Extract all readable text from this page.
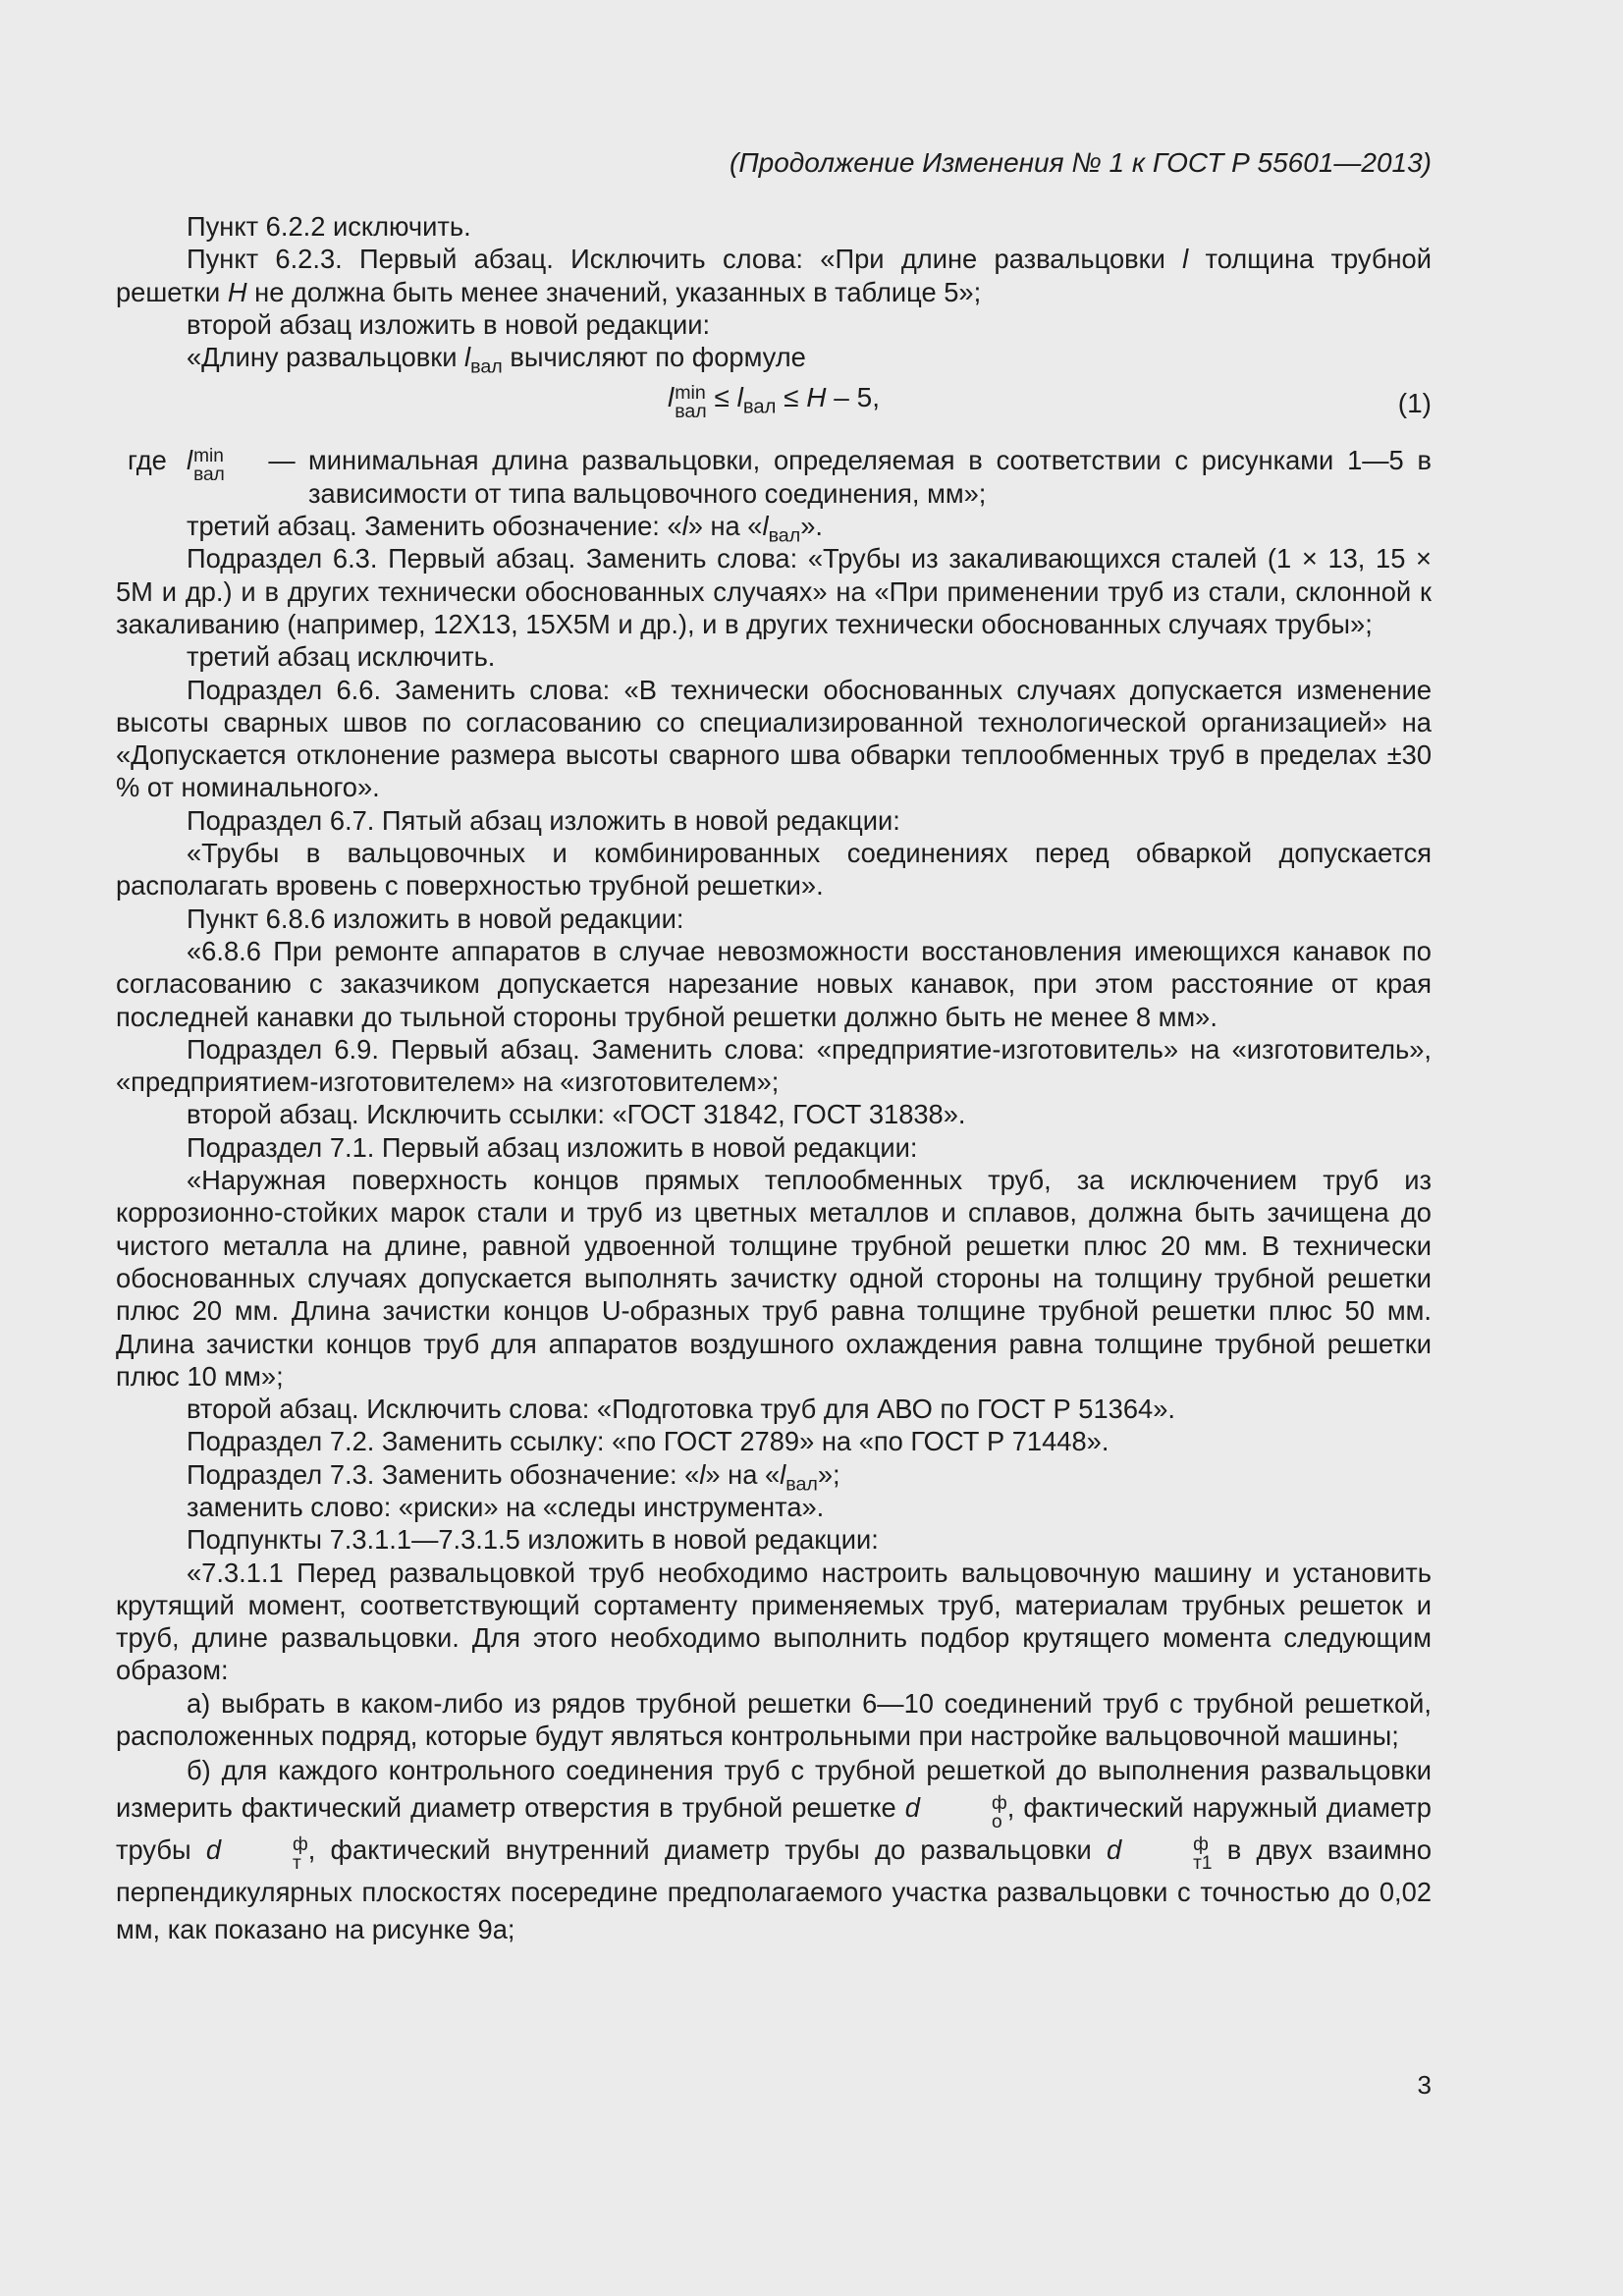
(Продолжение Изменения № 1 к ГОСТ Р 55601—2013)

Пункт 6.2.2 исключить.

Пункт 6.2.3. Первый абзац. Исключить слова: «При длине развальцовки l толщина трубной решетки H не должна быть менее значений, указанных в таблице 5»;

второй абзац изложить в новой редакции:

«Длину развальцовки $l_{вал}$ вычисляют по формуле

l min
вал ≤ $l_{вал} \le H - 5$,	(1)
где l min
вал	— минимальная длина развальцовки, определяемая в соответствии с рисунками 1—5 в зависимости от типа вальцовочного соединения, мм»;

третий абзац. Заменить обозначение: «l» на «$l_{вал}$».

Подраздел 6.3. Первый абзац. Заменить слова: «Трубы из закаливающихся сталей (1 × 13, 15 × 5М и др.) и в других технически обоснованных случаях» на «При применении труб из стали, склонной к закаливанию (например, 12Х13, 15Х5М и др.), и в других технически обоснованных случаях трубы»;

третий абзац исключить.

Подраздел 6.6. Заменить слова: «В технически обоснованных случаях допускается изменение высоты сварных швов по согласованию со специализированной технологической организацией» на «Допускается отклонение размера высоты сварного шва обварки теплообменных труб в пределах ±30 % от номинального».

Подраздел 6.7. Пятый абзац изложить в новой редакции:

«Трубы в вальцовочных и комбинированных соединениях перед обваркой допускается располагать вровень с поверхностью трубной решетки».

Пункт 6.8.6 изложить в новой редакции:

«6.8.6 При ремонте аппаратов в случае невозможности восстановления имеющихся канавок по согласованию с заказчиком допускается нарезание новых канавок, при этом расстояние от края последней канавки до тыльной стороны трубной решетки должно быть не менее 8 мм».

Подраздел 6.9. Первый абзац. Заменить слова: «предприятие-изготовитель» на «изготовитель», «предприятием-изготовителем» на «изготовителем»;

второй абзац. Исключить ссылки: «ГОСТ 31842, ГОСТ 31838».

Подраздел 7.1. Первый абзац изложить в новой редакции:

«Наружная поверхность концов прямых теплообменных труб, за исключением труб из коррозионно-стойких марок стали и труб из цветных металлов и сплавов, должна быть зачищена до чистого металла на длине, равной удвоенной толщине трубной решетки плюс 20 мм. В технически обоснованных случаях допускается выполнять зачистку одной стороны на толщину трубной решетки плюс 20 мм. Длина зачистки концов U-образных труб равна толщине трубной решетки плюс 50 мм. Длина зачистки концов труб для аппаратов воздушного охлаждения равна толщине трубной решетки плюс 10 мм»;

второй абзац. Исключить слова: «Подготовка труб для АВО по ГОСТ Р 51364».

Подраздел 7.2. Заменить ссылку: «по ГОСТ 2789» на «по ГОСТ Р 71448».

Подраздел 7.3. Заменить обозначение: «l» на «$l_{вал}$»;

заменить слово: «риски» на «следы инструмента».

Подпункты 7.3.1.1—7.3.1.5 изложить в новой редакции:

«7.3.1.1 Перед развальцовкой труб необходимо настроить вальцовочную машину и установить крутящий момент, соответствующий сортаменту применяемых труб, материалам трубных решеток и труб, длине развальцовки. Для этого необходимо выполнить подбор крутящего момента следующим образом:

а) выбрать в каком-либо из рядов трубной решетки 6—10 соединений труб с трубной решеткой, расположенных подряд, которые будут являться контрольными при настройке вальцовочной машины;

б) для каждого контрольного соединения труб с трубной решеткой до выполнения развальцовки измерить фактический диаметр отверстия в трубной решетке d	ф
о , фактический наружный диаметр трубы d	ф
т , фактический внутренний диаметр трубы до развальцовки d	ф
т1 в двух взаимно перпендикулярных плоскостях посередине предполагаемого участка развальцовки с точностью до 0,02 мм, как показано на рисунке 9а;

3
